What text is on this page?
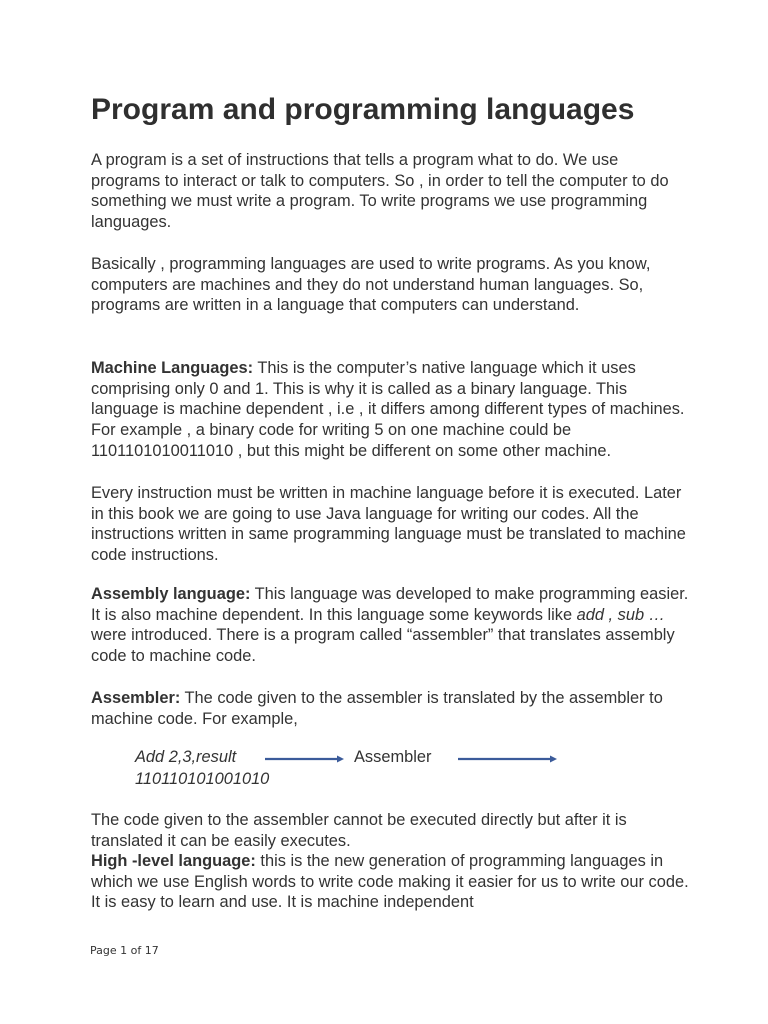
Program and programming languages

A program is a set of instructions that tells a program what to do. We use programs to interact or talk to computers. So , in order to tell the computer to do something we must write a program. To write programs we use programming languages.

Basically , programming languages are used to write programs. As you know, computers are machines and they do not understand human languages. So, programs are written in a language that computers can understand.

Machine Languages: This is the computer’s native language which it uses comprising only 0 and 1. This is why it is called as a binary language. This language is machine dependent , i.e , it differs among different types of machines. For example , a binary code for writing 5 on one machine could be 1101101010011010 , but this might be different on some other machine.

Every instruction must be written in machine language before it is executed. Later in this book we are going to use Java language for writing our codes. All the instructions written in same programming language must be translated to machine code instructions.

Assembly language: This language was developed to make programming easier. It is also machine dependent. In this language some keywords like add , sub … were introduced. There is a program called “assembler” that translates assembly code to machine code.

Assembler: The code given to the assembler is translated by the assembler to machine code. For example,

Add 2,3,result
110110101001010
Assembler

The code given to the assembler cannot be executed directly but after it is translated it can be easily executes.

High -level language: this is the new generation of programming languages in which we use English words to write code making it easier for us to write our code. It is easy to learn and use. It is machine independent

Page 1 of 17
